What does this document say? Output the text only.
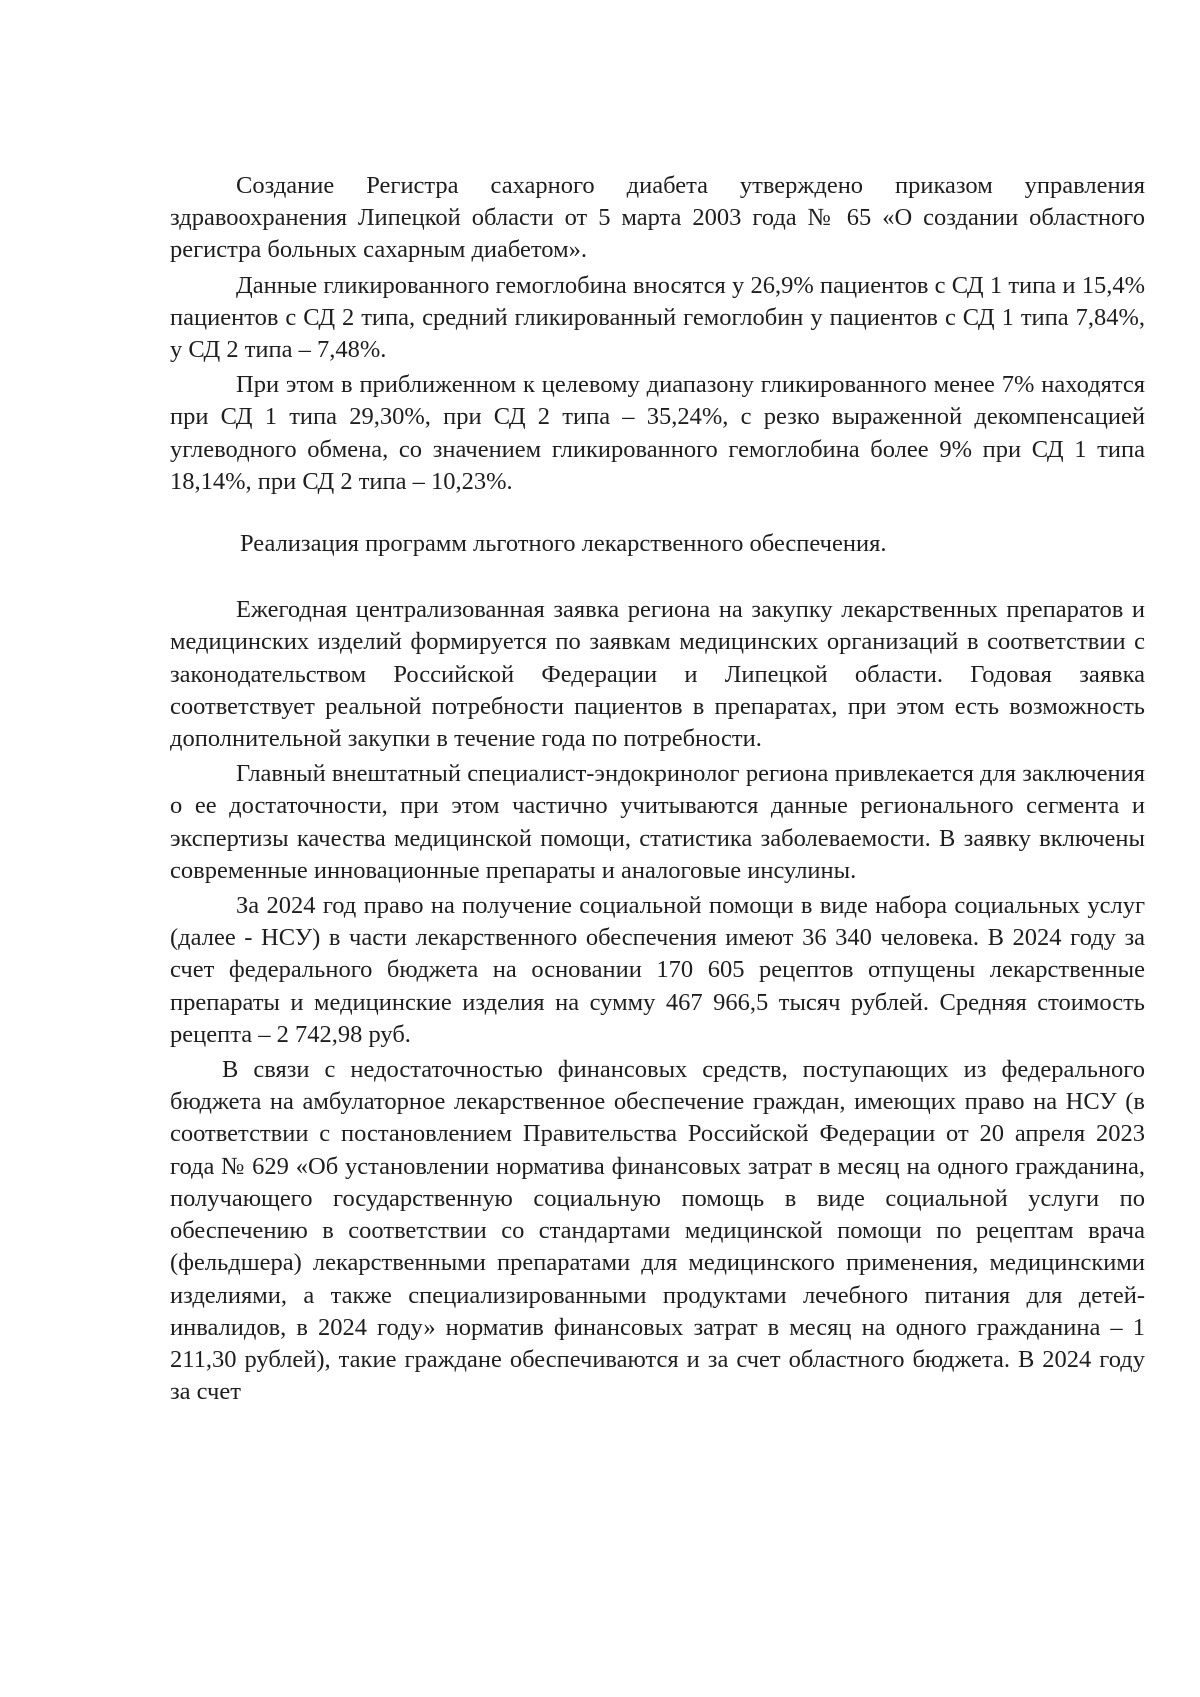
Создание Регистра сахарного диабета утверждено приказом управления здравоохранения Липецкой области от 5 марта 2003 года № 65 «О создании областного регистра больных сахарным диабетом».

Данные гликированного гемоглобина вносятся у 26,9% пациентов с СД 1 типа и 15,4% пациентов с СД 2 типа, средний гликированный гемоглобин у пациентов с СД 1 типа 7,84%, у СД 2 типа – 7,48%.

При этом в приближенном к целевому диапазону гликированного менее 7% находятся при СД 1 типа 29,30%, при СД 2 типа – 35,24%, с резко выраженной декомпенсацией углеводного обмена, со значением гликированного гемоглобина более 9% при СД 1 типа 18,14%, при СД 2 типа – 10,23%.

Реализация программ льготного лекарственного обеспечения.

Ежегодная централизованная заявка региона на закупку лекарственных препаратов и медицинских изделий формируется по заявкам медицинских организаций в соответствии с законодательством Российской Федерации и Липецкой области. Годовая заявка соответствует реальной потребности пациентов в препаратах, при этом есть возможность дополнительной закупки в течение года по потребности.

Главный внештатный специалист-эндокринолог региона привлекается для заключения о ее достаточности, при этом частично учитываются данные регионального сегмента и экспертизы качества медицинской помощи, статистика заболеваемости. В заявку включены современные инновационные препараты и аналоговые инсулины.

За 2024 год право на получение социальной помощи в виде набора социальных услуг (далее - НСУ) в части лекарственного обеспечения имеют 36 340 человека. В 2024 году за счет федерального бюджета на основании 170 605 рецептов отпущены лекарственные препараты и медицинские изделия на сумму 467 966,5 тысяч рублей. Средняя стоимость рецепта – 2 742,98 руб.

В связи с недостаточностью финансовых средств, поступающих из федерального бюджета на амбулаторное лекарственное обеспечение граждан, имеющих право на НСУ (в соответствии с постановлением Правительства Российской Федерации от 20 апреля 2023 года № 629 «Об установлении норматива финансовых затрат в месяц на одного гражданина, получающего государственную социальную помощь в виде социальной услуги по обеспечению в соответствии со стандартами медицинской помощи по рецептам врача (фельдшера) лекарственными препаратами для медицинского применения, медицинскими изделиями, а также специализированными продуктами лечебного питания для детей-инвалидов, в 2024 году» норматив финансовых затрат в месяц на одного гражданина – 1 211,30 рублей), такие граждане обеспечиваются и за счет областного бюджета. В 2024 году за счет
